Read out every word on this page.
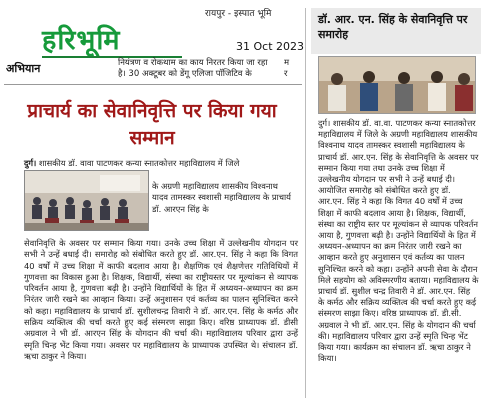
हरिभूमि
रायपुर - इस्पात भूमि
31 Oct 2023
अभियान	नियंत्रण व रोकथाम का काय निरतर किया जा रहा है। 30 अक्टूबर को डेंगू एलिजा पॉजिटिव के
म र
प्राचार्य का सेवानिवृत्ति पर किया गया सम्मान
दुर्ग। शासकीय डॉ. वावा पाटणकर कन्या स्नातकोत्तर महाविद्यालय में जिले
के अग्रणी महाविद्यालय शासकीय विश्वनाथ यादव तामस्कर स्वशासी महाविद्यालय के प्राचार्य डॉ. आरएन सिंह के
सेवानिवृत्ति के अवसर पर सम्मान किया गया। उनके उच्च शिक्षा में उल्लेखनीय योगदान पर सभी ने उन्हें बधाई दी। समारोह को संबोधित करते हुए डॉ. आर.एन. सिंह ने कहा कि विगत 40 वर्षों में उच्च शिक्षा में काफी बदलाव आया है। शैक्षणिक एवं शैक्षणेत्तर गतिविधियों में गुणवत्ता का विकास हुआ है। शिक्षक, विद्यार्थी, संस्था का राष्ट्रीयस्तर पर मूल्यांकन से व्यापक परिवर्तन आया है, गुणवत्ता बढ़ी है। उन्होंने विद्यार्थियों के हित में अध्ययन-अध्यापन का क्रम निरंतर जारी रखने का आव्हान किया। उन्हें अनुशासन एवं कर्तव्य का पालन सुनिश्चित करने को कहा। महाविद्यालय के प्राचार्य डॉ. सुशीलचन्द्र तिवारी ने डॉ. आर.एन. सिंह के कर्मठ और सक्रिय व्यक्तित्व की चर्चा करते हुए कई संस्मरण साझा किए। वरिष्ठ प्राध्यापक डॉ. डीसी अग्रवाल ने भी डॉ. आरएन सिंह के योगदान की चर्चा की। महाविद्यालय परिवार द्वारा उन्हें स्मृति चिन्ह भेंट किया गया। अवसर पर महाविद्यालय के प्राध्यापक उपस्थित थे। संचालन डॉ. ऋचा ठाकुर ने किया।
डॉ. आर. एन. सिंह के सेवानिवृत्ति पर समारोह
दुर्ग। शासकीय डॉ. वा.वा. पाटणकर कन्या स्नातकोत्तर महाविद्यालय में जिले के अग्रणी महाविद्यालय शासकीय विश्वनाथ यादव तामस्कर स्वशासी महाविद्यालय के प्राचार्य डॉ. आर.एन. सिंह के सेवानिवृत्ति के अवसर पर सम्मान किया गया तथा उनके उच्च शिक्षा में उल्लेखनीय योगदान पर सभी ने उन्हें बधाई दी। आयोजित समारोह को संबोधित करते हुए डॉ. आर.एन. सिंह ने कहा कि विगत 40 वर्षों में उच्च शिक्षा में काफी बदलाव आया है। शिक्षक, विद्यार्थी, संस्था का राष्ट्रीय स्तर पर मूल्यांकन से व्यापक परिवर्तन आया है, गुणवत्ता बढ़ी है। उन्होंने विद्यार्थियों के हित में अध्ययन-अध्यापन का क्रम निरंतर जारी रखने का आव्हान करते हुए अनुशासन एवं कर्तव्य का पालन सुनिश्चित करने को कहा। उन्होंने अपनी सेवा के दौरान मिले सहयोग को अविस्मरणीय बताया। महाविद्यालय के प्राचार्य डॉ. सुशील चन्द्र तिवारी ने डॉ. आर.एन. सिंह के कर्मठ और सक्रिय व्यक्तित्व की चर्चा करते हुए कई संस्मरण साझा किए। वरिष्ठ प्राध्यापक डॉ. डी.सी. अग्रवाल ने भी डॉ. आर.एन. सिंह के योगदान की चर्चा की। महाविद्यालय परिवार द्वारा उन्हें स्मृति चिन्ह भेंट किया गया। कार्यक्रम का संचालन डॉ. ऋचा ठाकुर ने किया।
